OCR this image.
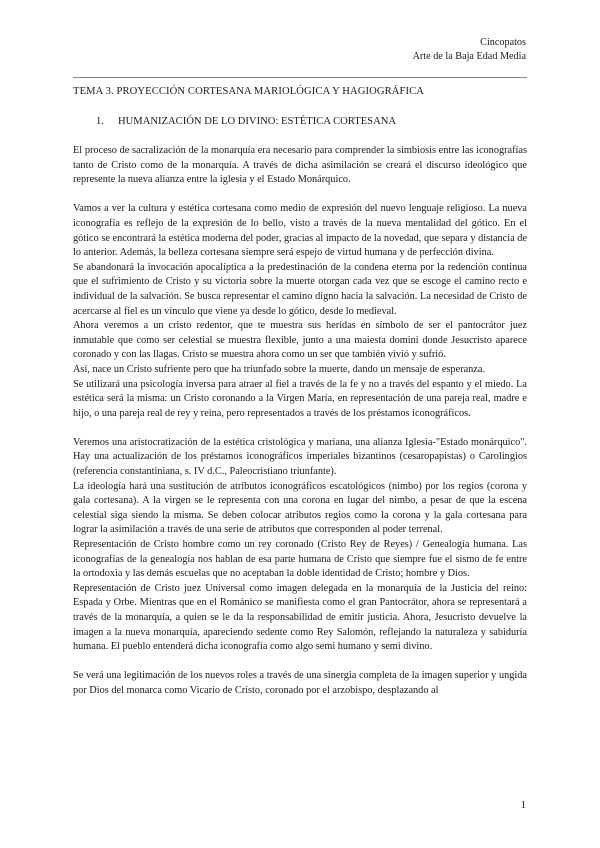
Cincopatos
Arte de la Baja Edad Media
TEMA 3. PROYECCIÓN CORTESANA MARIOLÓGICA Y HAGIOGRÁFICA
1. HUMANIZACIÓN DE LO DIVINO: ESTÉTICA CORTESANA

El proceso de sacralización de la monarquía era necesario para comprender la simbiosis entre las iconografías tanto de Cristo como de la monarquía. A través de dicha asimilación se creará el discurso ideológico que represente la nueva alianza entre la iglesia y el Estado Monárquico.

Vamos a ver la cultura y estética cortesana como medio de expresión del nuevo lenguaje religioso. La nueva iconografía es reflejo de la expresión de lo bello, visto a través de la nueva mentalidad del gótico. En el gótico se encontrará la estética moderna del poder, gracias al impacto de la novedad, que separa y distancia de lo anterior. Además, la belleza cortesana siempre será espejo de virtud humana y de perfección divina.

Se abandonará la invocación apocalíptica a la predestinación de la condena eterna por la redención continua que el sufrimiento de Cristo y su victoria sobre la muerte otorgan cada vez que se escoge el camino recto e individual de la salvación. Se busca representar el camino digno hacia la salvación. La necesidad de Cristo de acercarse al fiel es un vínculo que viene ya desde lo gótico, desde lo medieval.

Ahora veremos a un cristo redentor, que te muestra sus heridas en símbolo de ser el pantocrátor juez inmutable que como ser celestial se muestra flexible, junto a una maiesta domini donde Jesucristo aparece coronado y con las llagas. Cristo se muestra ahora como un ser que también vivió y sufrió.

Así, nace un Cristo sufriente pero que ha triunfado sobre la muerte, dando un mensaje de esperanza.

Se utilizará una psicología inversa para atraer al fiel a través de la fe y no a través del espanto y el miedo. La estética será la misma: un Cristo coronando a la Virgen María, en representación de una pareja real, madre e hijo, o una pareja real de rey y reina, pero representados a través de los préstamos iconográficos.

Veremos una aristocratización de la estética cristológica y mariana, una alianza Iglesia-"Estado monárquico". Hay una actualización de los préstamos iconográficos imperiales bizantinos (cesaropapistas) o Carolingios (referencia constantiniana, s. IV d.C., Paleocristiano triunfante).

La ideología hará una sustitución de atributos iconográficos escatológicos (nimbo) por los regios (corona y gala cortesana). A la virgen se le representa con una corona en lugar del nimbo, a pesar de que la escena celestial siga siendo la misma. Se deben colocar atributos regios como la corona y la gala cortesana para lograr la asimilación a través de una serie de atributos que corresponden al poder terrenal.

Representación de Cristo hombre como un rey coronado (Cristo Rey de Reyes) / Genealogía humana. Las iconografías de la genealogía nos hablan de esa parte humana de Cristo que siempre fue el sismo de fe entre la ortodoxia y las demás escuelas que no aceptaban la doble identidad de Cristo; hombre y Dios.

Representación de Cristo juez Universal como imagen delegada en la monarquía de la Justicia del reino: Espada y Orbe. Mientras que en el Románico se manifiesta como el gran Pantocrátor, ahora se representará a través de la monarquía, a quien se le da la responsabilidad de emitir justicia. Ahora, Jesucristo devuelve la imagen a la nueva monarquía, apareciendo sedente como Rey Salomón, reflejando la naturaleza y sabiduría humana. El pueblo entenderá dicha iconografía como algo semi humano y semi divino.

Se verá una legitimación de los nuevos roles a través de una sinergia completa de la imagen superior y ungida por Dios del monarca como Vicario de Cristo, coronado por el arzobispo, desplazando al

1
